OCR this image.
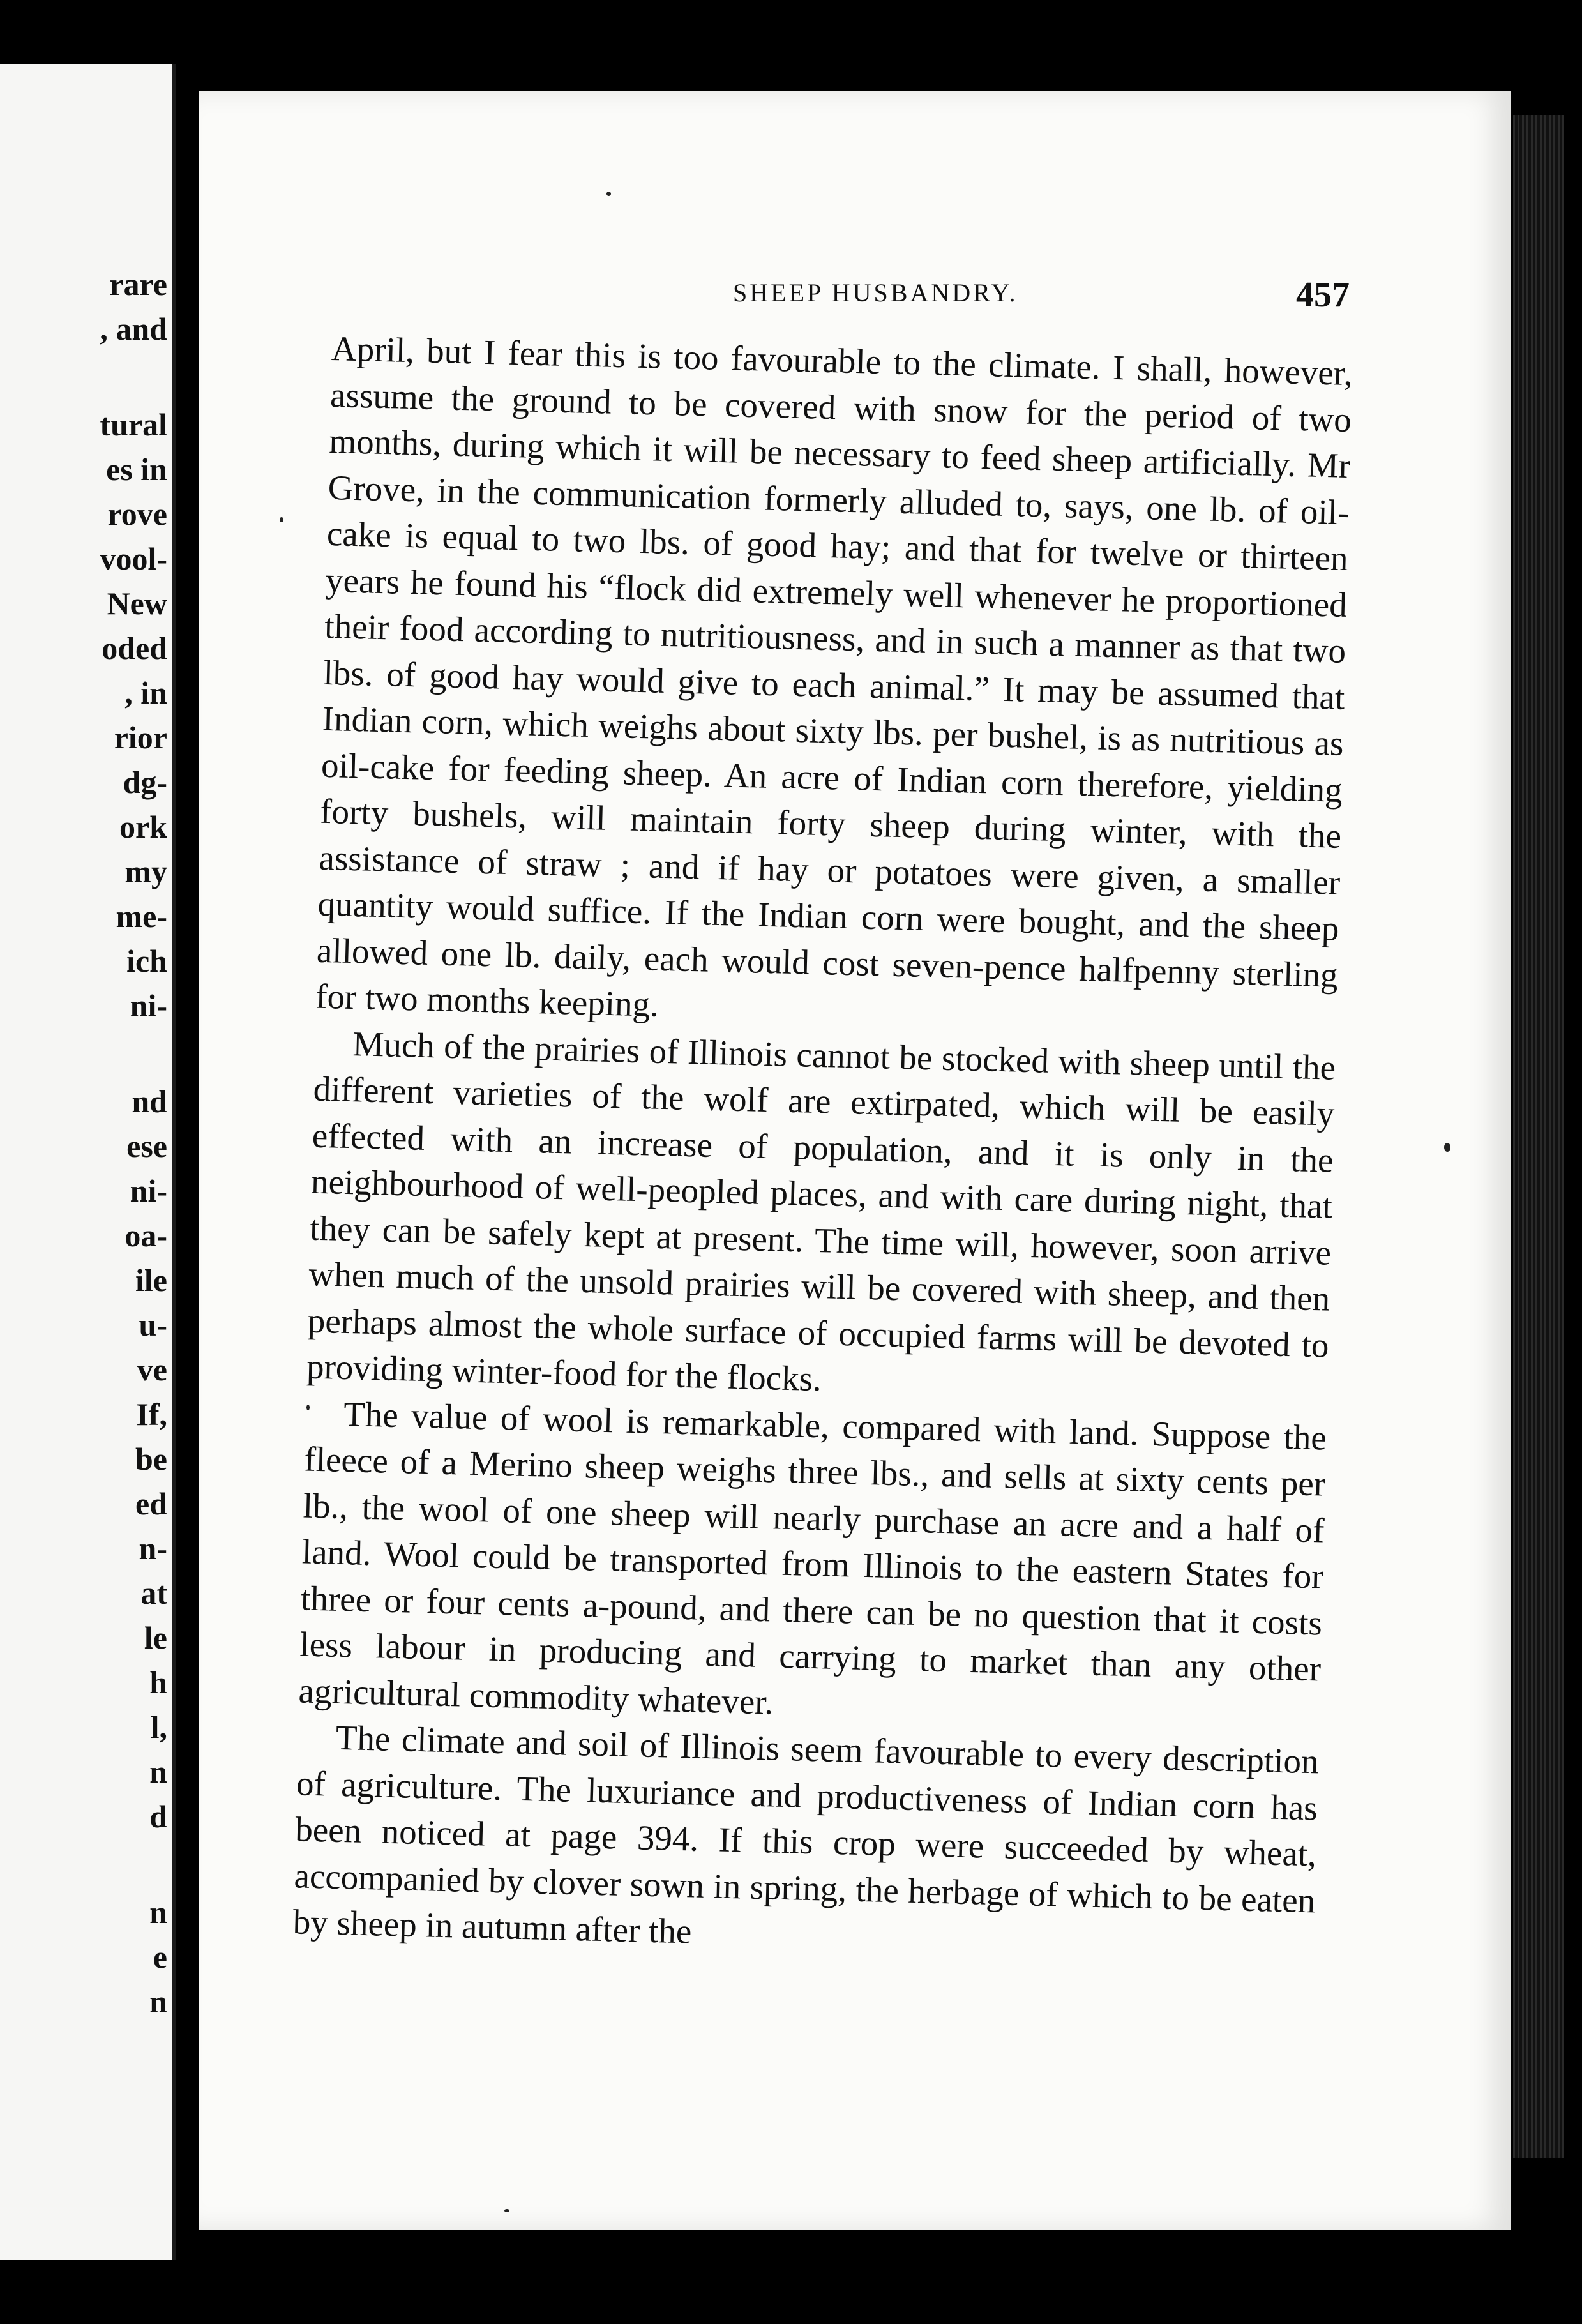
rare
, and
tural
es in
rove
vool-
New
oded
, in
rior
dg-
ork
my
me-
ich
ni-
nd
ese
ni-
oa-
ile
u-
ve
If,
be
ed
n-
at
le
h
l,
n
d
n
e
n
SHEEP HUSBANDRY.	457

April, but I fear this is too favourable to the climate. I shall, however, assume the ground to be covered with snow for the period of two months, during which it will be necessary to feed sheep artificially. Mr Grove, in the communication formerly alluded to, says, one lb. of oil-cake is equal to two lbs. of good hay; and that for twelve or thirteen years he found his “flock did extremely well whenever he proportioned their food according to nutritiousness, and in such a manner as that two lbs. of good hay would give to each animal.” It may be assumed that Indian corn, which weighs about sixty lbs. per bushel, is as nutritious as oil-cake for feeding sheep. An acre of Indian corn therefore, yielding forty bushels, will maintain forty sheep during winter, with the assistance of straw ; and if hay or potatoes were given, a smaller quantity would suffice. If the Indian corn were bought, and the sheep allowed one lb. daily, each would cost seven-pence halfpenny sterling for two months keeping.

Much of the prairies of Illinois cannot be stocked with sheep until the different varieties of the wolf are extirpated, which will be easily effected with an increase of population, and it is only in the neighbourhood of well-peopled places, and with care during night, that they can be safely kept at present. The time will, however, soon arrive when much of the unsold prairies will be covered with sheep, and then perhaps almost the whole surface of occupied farms will be devoted to providing winter-food for the flocks.

The value of wool is remarkable, compared with land. Suppose the fleece of a Merino sheep weighs three lbs., and sells at sixty cents per lb., the wool of one sheep will nearly purchase an acre and a half of land. Wool could be transported from Illinois to the eastern States for three or four cents a-pound, and there can be no question that it costs less labour in producing and carrying to market than any other agricultural commodity whatever.

The climate and soil of Illinois seem favourable to every description of agriculture. The luxuriance and productiveness of Indian corn has been noticed at page 394. If this crop were succeeded by wheat, accompanied by clover sown in spring, the herbage of which to be eaten by sheep in autumn after the
